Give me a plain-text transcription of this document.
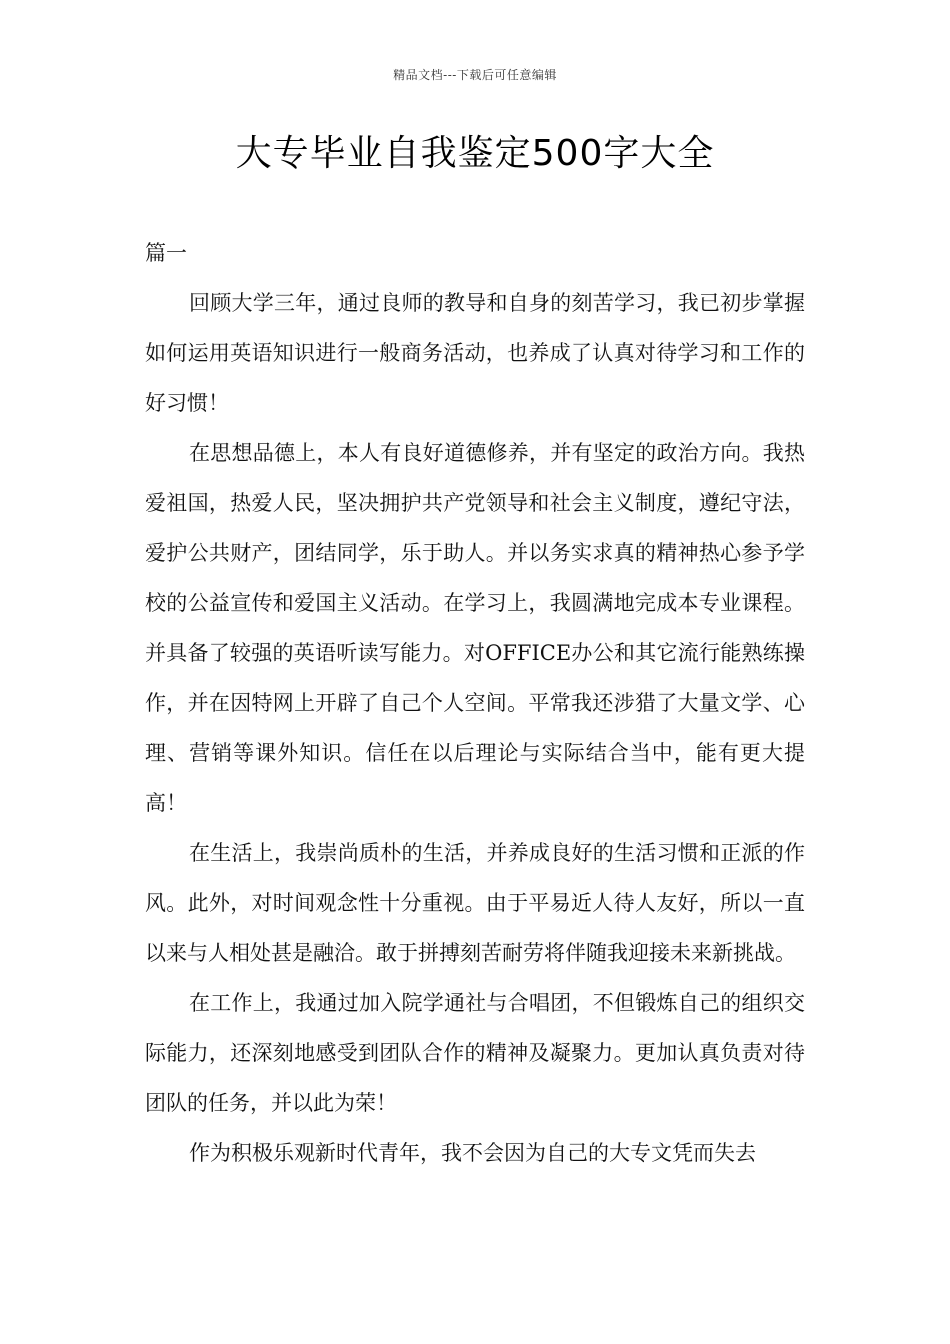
精品文档---下载后可任意编辑
大专毕业自我鉴定500字大全

篇一

回顾大学三年，通过良师的教导和自身的刻苦学习，我已初步掌握如何运用英语知识进行一般商务活动，也养成了认真对待学习和工作的好习惯！

在思想品德上，本人有良好道德修养，并有坚定的政治方向。我热爱祖国，热爱人民，坚决拥护共产党领导和社会主义制度，遵纪守法，爱护公共财产，团结同学，乐于助人。并以务实求真的精神热心参予学校的公益宣传和爱国主义活动。在学习上，我圆满地完成本专业课程。并具备了较强的英语听读写能力。对OFFICE办公和其它流行能熟练操作，并在因特网上开辟了自己个人空间。平常我还涉猎了大量文学、心理、营销等课外知识。信任在以后理论与实际结合当中，能有更大提高！

在生活上，我崇尚质朴的生活，并养成良好的生活习惯和正派的作风。此外，对时间观念性十分重视。由于平易近人待人友好，所以一直以来与人相处甚是融洽。敢于拼搏刻苦耐劳将伴随我迎接未来新挑战。

在工作上，我通过加入院学通社与合唱团，不但锻炼自己的组织交际能力，还深刻地感受到团队合作的精神及凝聚力。更加认真负责对待团队的任务，并以此为荣！

作为积极乐观新时代青年，我不会因为自己的大专文凭而失去
